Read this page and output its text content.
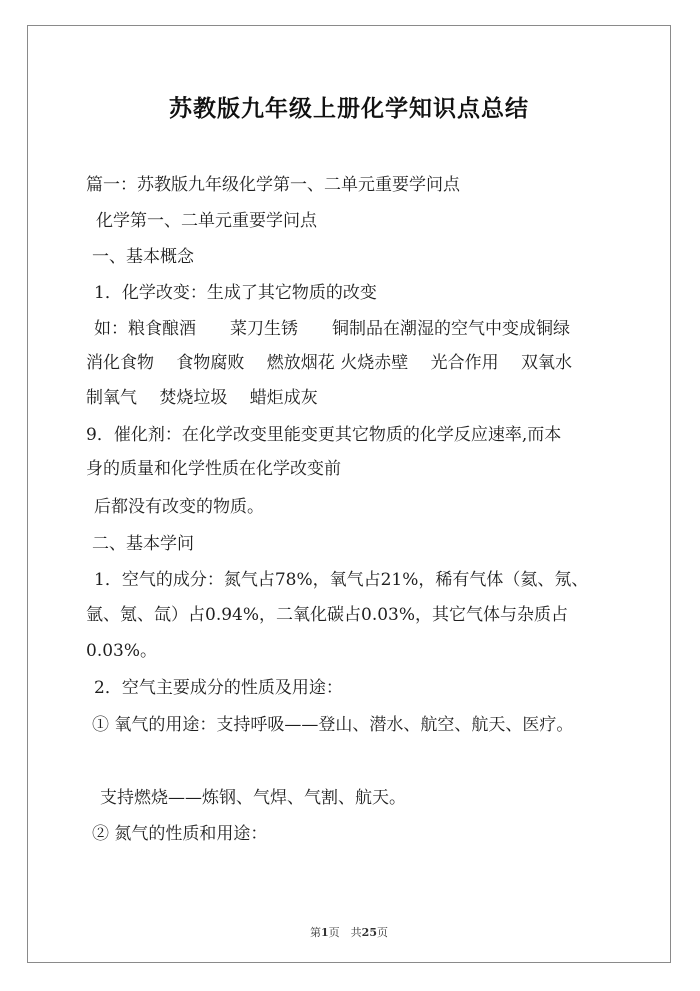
苏教版九年级上册化学知识点总结
篇一：苏教版九年级化学第一、二单元重要学问点
化学第一、二单元重要学问点
一、基本概念
1．化学改变：生成了其它物质的改变
如：粮食酿酒　　菜刀生锈　　铜制品在潮湿的空气中变成铜绿
消化食物　 食物腐败　 燃放烟花 火烧赤壁　 光合作用　 双氧水
制氧气　 焚烧垃圾　 蜡炬成灰
9．催化剂：在化学改变里能变更其它物质的化学反应速率,而本
身的质量和化学性质在化学改变前
后都没有改变的物质。
二、基本学问
1．空气的成分：氮气占78%，氧气占21%，稀有气体（氦、氖、
氩、氪、氙）占0.94%，二氧化碳占0.03%，其它气体与杂质占
0.03%。
2．空气主要成分的性质及用途：
① 氧气的用途：支持呼吸——登山、潜水、航空、航天、医疗。
支持燃烧——炼钢、气焊、气割、航天。
② 氮气的性质和用途：
第1页　共25页
